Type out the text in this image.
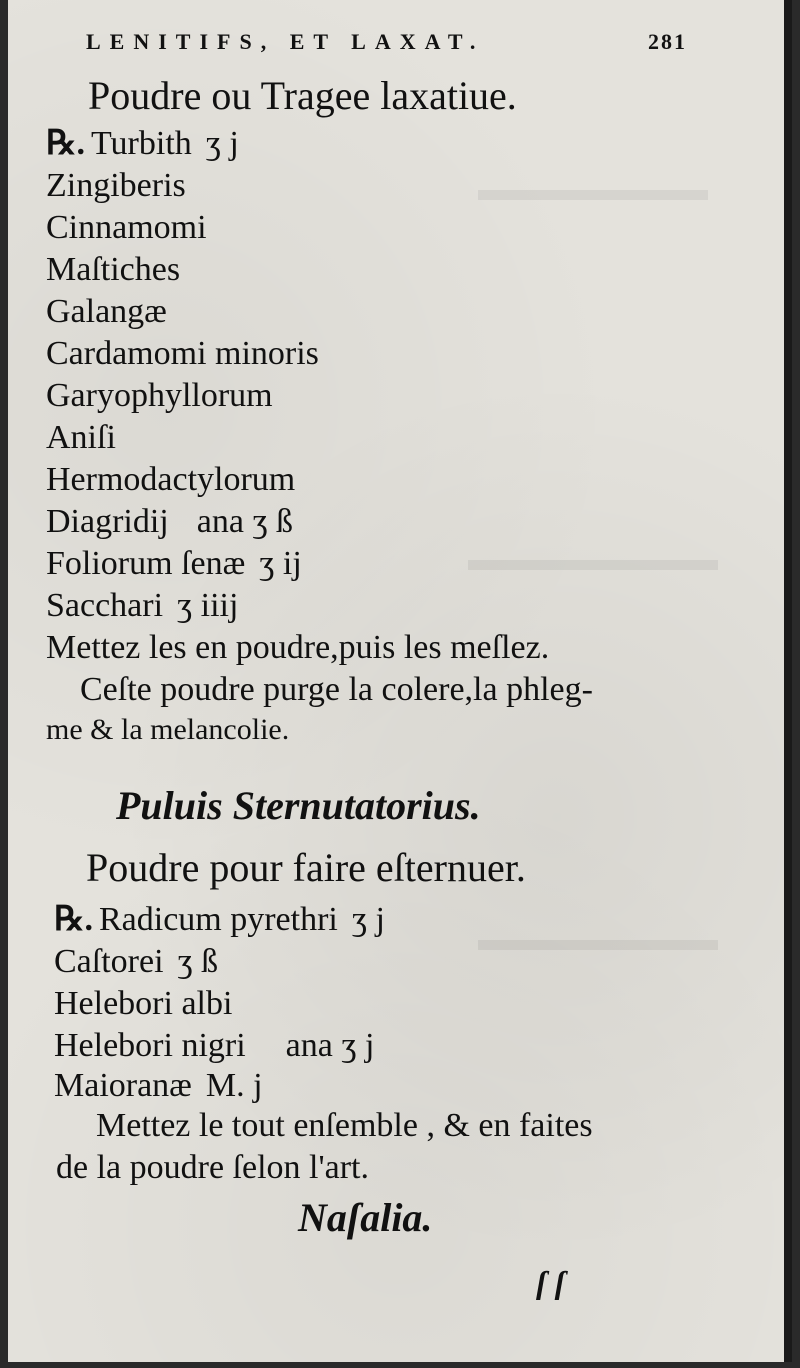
LENITIFS, ET LAXAT.	281
Poudre ou Tragee laxatiue.
℞. Turbith ʒ j
Zingiberis
Cinnamomi
Maſtiches
Galangæ
Cardamomi minoris
Garyophyllorum
Aniſi
Hermodactylorum
Diagridij ana ʒ ß
Foliorum ſenæ ʒ ij
Sacchari ʒ iiij
Mettez les en poudre,puis les meſlez.
Ceſte poudre purge la colere,la phleg-
me & la melancolie.
Puluis Sternutatorius.
Poudre pour faire eſternuer.
℞. Radicum pyrethri ʒ j
Caſtorei ʒ ß
Helebori albi
Helebori nigri ana ʒ j
Maioranæ M. j
Mettez le tout enſemble , & en faites
de la poudre ſelon l'art.
Naſalia.
ſ ſ
